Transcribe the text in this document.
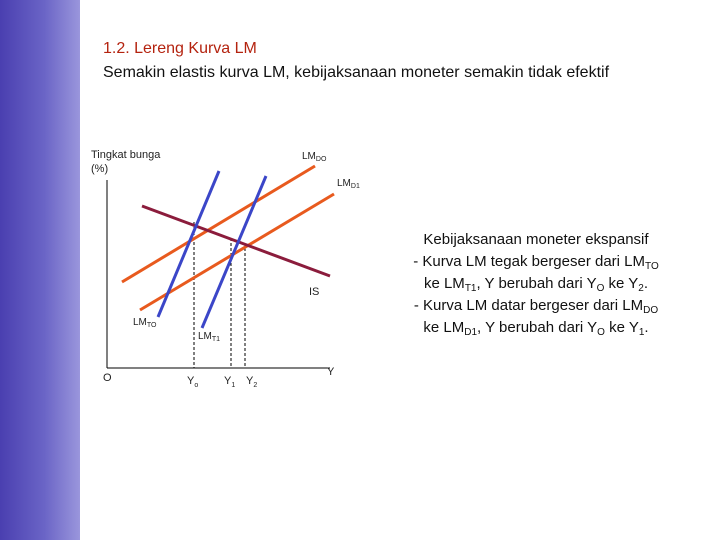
1.2. Lereng Kurva LM
Semakin elastis kurva LM, kebijaksanaan moneter semakin tidak efektif
Tingkat bunga
(%)
Y
O
$LM_{DO}$
$LM_{D1}$
IS
$LM_{TO}$
$LM_{T1}$
$Y_o$ $Y_1$ $Y_2$
Kebijaksanaan moneter ekspansif
- Kurva LM tegak bergeser dari $LM_{TO}$
ke $LM_{T1}$, Y berubah dari $Y_O$ ke $Y_2$.
- Kurva LM datar bergeser dari $LM_{DO}$
ke $LM_{D1}$, Y berubah dari $Y_O$ ke $Y_1$.
